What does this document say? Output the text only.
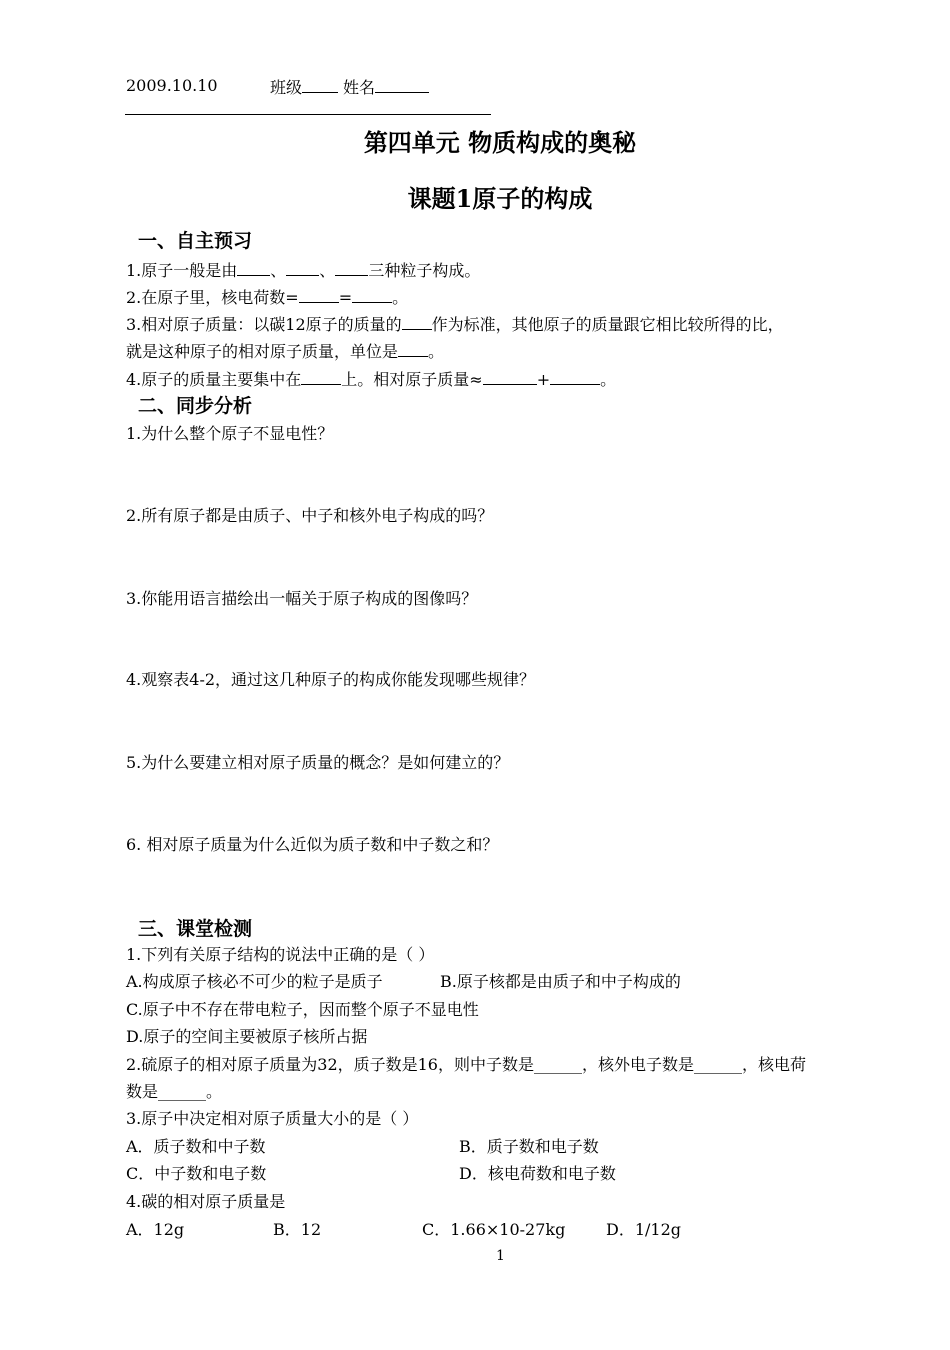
2009.10.10	班级	姓名
第四单元 物质构成的奥秘
课题1原子的构成
一、自主预习
1.原子一般是由 、 、 三种粒子构成。
2.在原子里，核电荷数=	=	。
3.相对原子质量：以碳12原子的质量的 作为标准，其他原子的质量跟它相比较所得的比，
就是这种原子的相对原子质量，单位是 。
4.原子的质量主要集中在	上。相对原子质量≈	+	。
二、同步分析
1.为什么整个原子不显电性？
2.所有原子都是由质子、中子和核外电子构成的吗？
3.你能用语言描绘出一幅关于原子构成的图像吗？
4.观察表4-2，通过这几种原子的构成你能发现哪些规律？
5.为什么要建立相对原子质量的概念？是如何建立的？
6. 相对原子质量为什么近似为质子数和中子数之和？
三、课堂检测
1.下列有关原子结构的说法中正确的是（ ）
A.构成原子核必不可少的粒子是质子	B.原子核都是由质子和中子构成的
C.原子中不存在带电粒子，因而整个原子不显电性
D.原子的空间主要被原子核所占据
2.硫原子的相对原子质量为32，质子数是16，则中子数是______，核外电子数是______，核电荷
数是______。
3.原子中决定相对原子质量大小的是（ ）
A．质子数和中子数	B．质子数和电子数
C．中子数和电子数	D．核电荷数和电子数
4.碳的相对原子质量是
A．12g	B．12	C．1.66×10-27kg	D．1/12g
1
